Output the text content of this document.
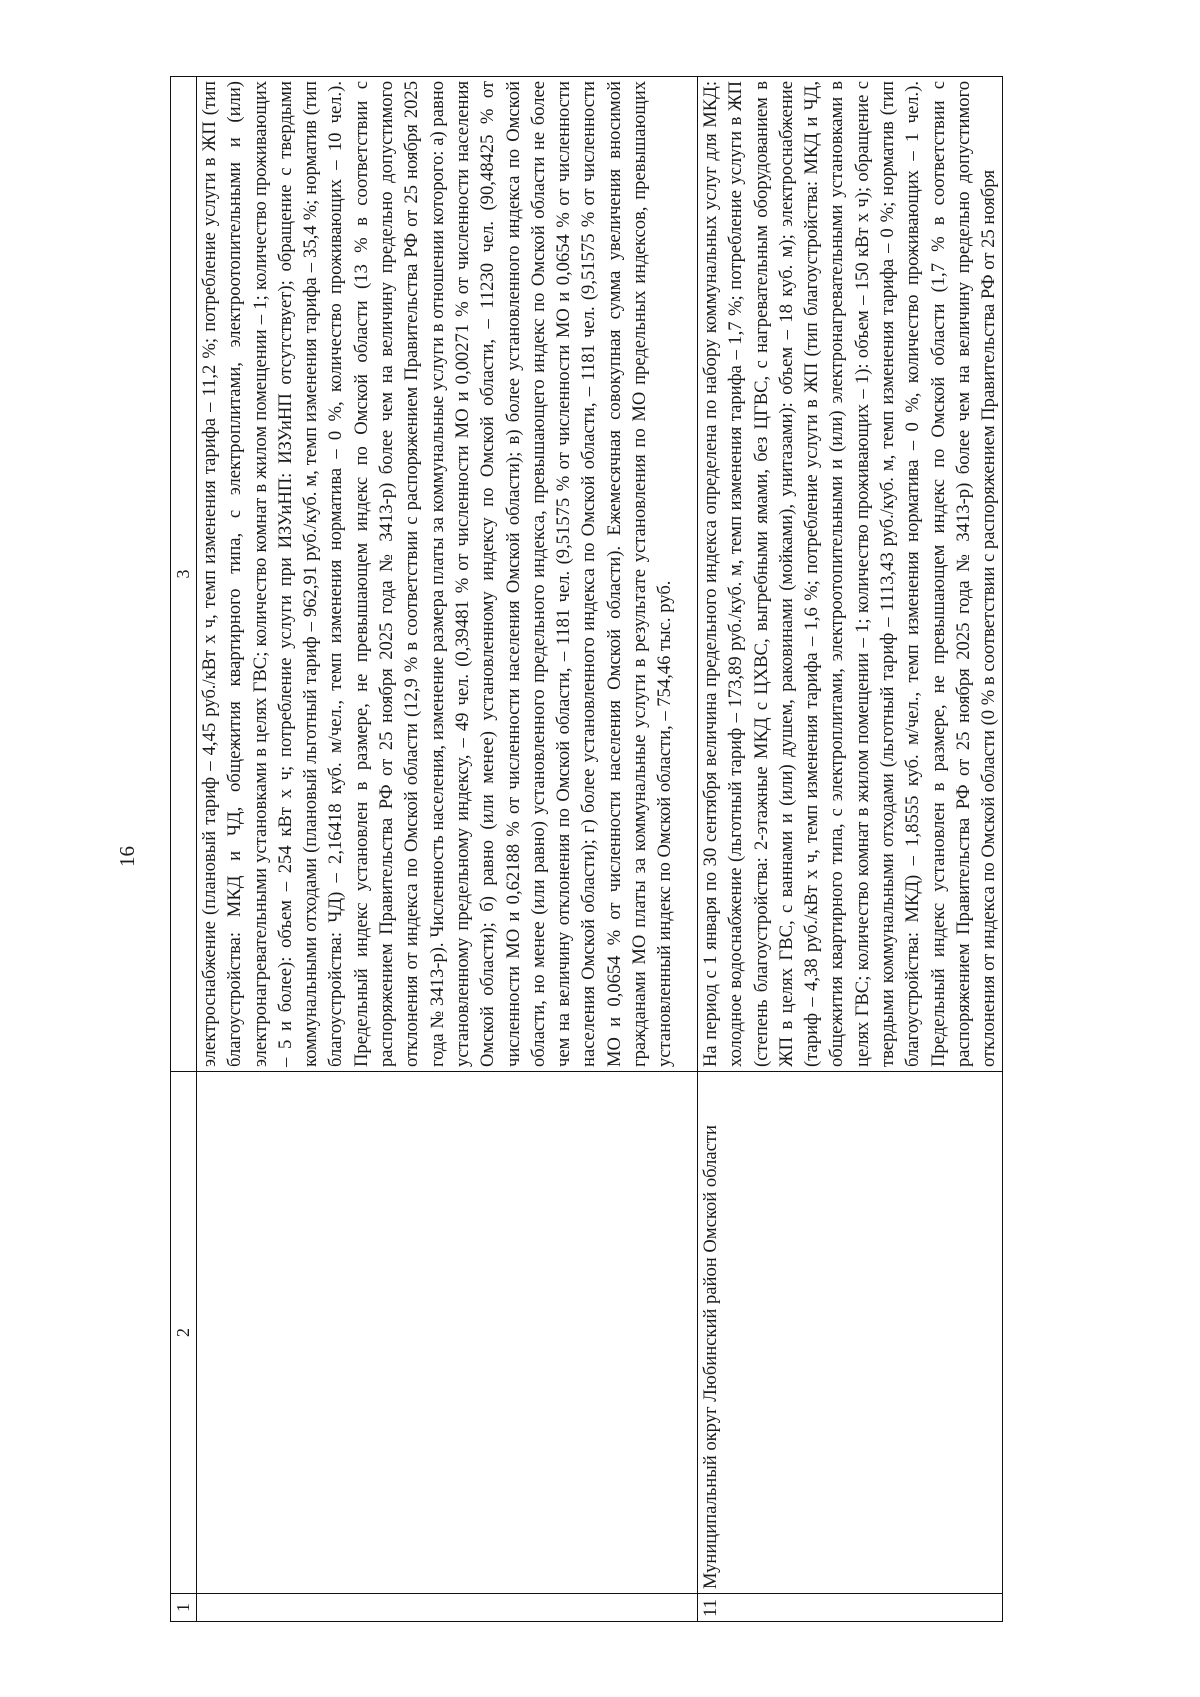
16
1	2	3
		электроснабжение (плановый тариф – 4,45 руб./кВт х ч, темп изменения тарифа – 11,2 %; потребление услуги в ЖП (тип благоустройства: МКД и ЧД, общежития квартирного типа, с электроплитами, электроотопительными и (или) электронагревательными установками в целях ГВС; количество комнат в жилом помещении – 1; количество проживающих – 5 и более): объем – 254 кВт х ч; потребление услуги при ИЗУиНП: ИЗУиНП отсутствует); обращение с твердыми коммунальными отходами (плановый льготный тариф – 962,91 руб./куб. м, темп изменения тарифа – 35,4 %; норматив (тип благоустройства: ЧД) – 2,16418 куб. м/чел., темп изменения норматива – 0 %, количество проживающих – 10 чел.). Предельный индекс установлен в размере, не превышающем индекс по Омской области (13 % в соответствии с распоряжением Правительства РФ от 25 ноября 2025 года № 3413-р) более чем на величину предельно допустимого отклонения от индекса по Омской области (12,9 % в соответствии с распоряжением Правительства РФ от 25 ноября 2025 года № 3413-р). Численность населения, изменение размера платы за коммунальные услуги в отношении которого: а) равно установленному предельному индексу, – 49 чел. (0,39481 % от численности МО и 0,00271 % от численности населения Омской области); б) равно (или менее) установленному индексу по Омской области, – 11230 чел. (90,48425 % от численности МО и 0,62188 % от численности населения Омской области); в) более установленного индекса по Омской области, но менее (или равно) установленного предельного индекса, превышающего индекс по Омской области не более чем на величину отклонения по Омской области, – 1181 чел. (9,51575 % от численности МО и 0,0654 % от численности населения Омской области); г) более установленного индекса по Омской области, – 1181 чел. (9,51575 % от численности МО и 0,0654 % от численности населения Омской области). Ежемесячная совокупная сумма увеличения вносимой гражданами МО платы за коммунальные услуги в результате установления по МО предельных индексов, превышающих установленный индекс по Омской области, – 754,46 тыс. руб.
11	Муниципальный округ Любинский район Омской области	На период с 1 января по 30 сентября величина предельного индекса определена по набору коммунальных услуг для МКД: холодное водоснабжение (льготный тариф – 173,89 руб./куб. м, темп изменения тарифа – 1,7 %; потребление услуги в ЖП (степень благоустройства: 2-этажные МКД с ЦХВС, выгребными ямами, без ЦГВС, с нагревательным оборудованием в ЖП в целях ГВС, с ваннами и (или) душем, раковинами (мойками), унитазами): объем – 18 куб. м); электроснабжение (тариф – 4,38 руб./кВт х ч, темп изменения тарифа – 1,6 %; потребление услуги в ЖП (тип благоустройства: МКД и ЧД, общежития квартирного типа, с электроплитами, электроотопительными и (или) электронагревательными установками в целях ГВС; количество комнат в жилом помещении – 1; количество проживающих – 1): объем – 150 кВт х ч); обращение с твердыми коммунальными отходами (льготный тариф – 1113,43 руб./куб. м, темп изменения тарифа – 0 %; норматив (тип благоустройства: МКД) – 1,8555 куб. м/чел., темп изменения норматива – 0 %, количество проживающих – 1 чел.). Предельный индекс установлен в размере, не превышающем индекс по Омской области (1,7 % в соответствии с распоряжением Правительства РФ от 25 ноября 2025 года № 3413-р) более чем на величину предельно допустимого отклонения от индекса по Омской области (0 % в соответствии с распоряжением Правительства РФ от 25 ноября
